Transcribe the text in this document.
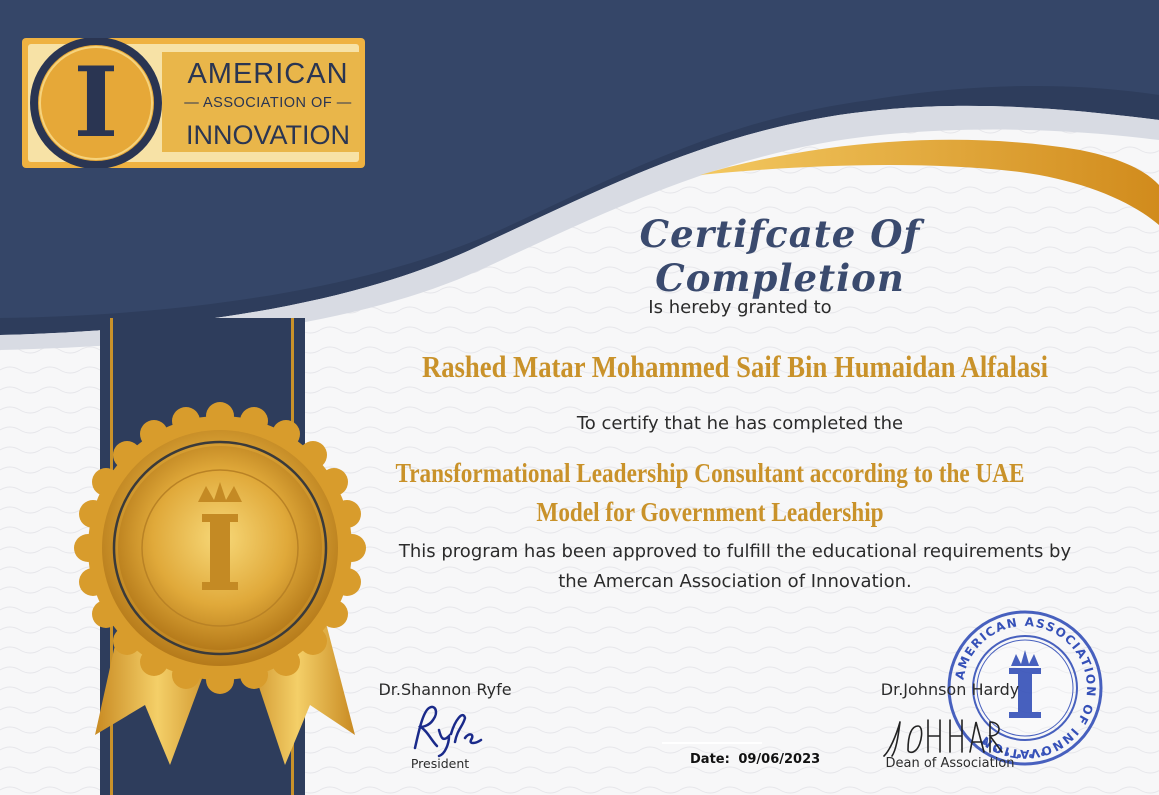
AMERICAN ASSOCIATION OF INNOVATION
I	AMERICAN
— ASSOCIATION OF —
INNOVATION
Certifcate Of Completion
Is hereby granted to
Rashed Matar Mohammed Saif Bin Humaidan Alfalasi
To certify that he has completed the
Transformational Leadership Consultant according to the UAE
Model for Government Leadership
This program has been approved to fulfill the educational requirements by
the Amercan Association of Innovation.
Dr.Shannon Ryfe
Ryfe
President
Dr.Johnson Hardy
JOHHARDY
Dean of Association
Date: 09/06/2023
